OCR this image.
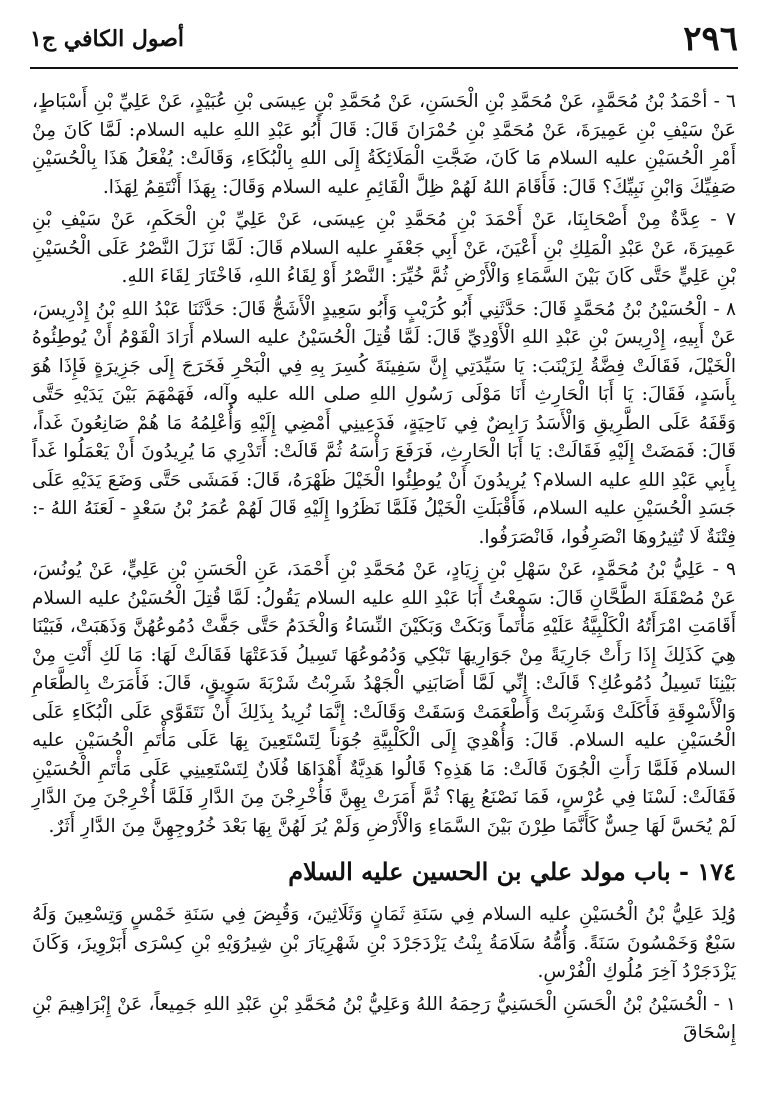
٢٩٦
أصول الكافي ج١

٦ - أحْمَدُ بْنُ مُحَمَّدٍ، عَنْ مُحَمَّدِ بْنِ الْحَسَنِ، عَنْ مُحَمَّدِ بْنِ عِيسَى بْنِ عُبَيْدٍ، عَنْ عَلِيِّ بْنِ أَسْبَاطٍ، عَنْ سَيْفِ بْنِ عَمِيرَةَ، عَنْ مُحَمَّدِ بْنِ حُمْرَانَ قَالَ: قَالَ أَبُو عَبْدِ اللهِ عليه السلام: لَمَّا كَانَ مِنْ أَمْرِ الْحُسَيْنِ عليه السلام مَا كَانَ، ضَجَّتِ الْمَلَائِكَةُ إِلَى اللهِ بِالْبُكَاءِ، وَقَالَتْ: يُفْعَلُ هَذَا بِالْحُسَيْنِ صَفِيِّكَ وَابْنِ نَبِيِّكَ؟ قَالَ: فَأَقَامَ اللهُ لَهُمْ ظِلَّ الْقَائِمِ عليه السلام وَقَالَ: بِهَذَا أَنْتَقِمُ لِهَذَا.

٧ - عِدَّةٌ مِنْ أَصْحَابِنَا، عَنْ أَحْمَدَ بْنِ مُحَمَّدِ بْنِ عِيسَى، عَنْ عَلِيِّ بْنِ الْحَكَمِ، عَنْ سَيْفِ بْنِ عَمِيرَةَ، عَنْ عَبْدِ الْمَلِكِ بْنِ أَعْيَنَ، عَنْ أَبِي جَعْفَرٍ عليه السلام قَالَ: لَمَّا نَزَلَ النَّصْرُ عَلَى الْحُسَيْنِ بْنِ عَلِيٍّ حَتَّى كَانَ بَيْنَ السَّمَاءِ وَالْأَرْضِ ثُمَّ خُيِّرَ: النَّصْرُ أَوْ لِقَاءُ اللهِ، فَاخْتَارَ لِقَاءَ اللهِ.

٨ - الْحُسَيْنُ بْنُ مُحَمَّدٍ قَالَ: حَدَّثَنِي أَبُو كُرَيْبٍ وَأَبُو سَعِيدٍ الْأَشَجُّ قَالَ: حَدَّثَنَا عَبْدُ اللهِ بْنُ إِدْرِيسَ، عَنْ أَبِيهِ، إِدْرِيسَ بْنِ عَبْدِ اللهِ الْأَوْدِيِّ قَالَ: لَمَّا قُتِلَ الْحُسَيْنُ عليه السلام أَرَادَ الْقَوْمُ أَنْ يُوطِئُوهُ الْخَيْلَ، فَقَالَتْ فِضَّةُ لِزَيْنَبَ: يَا سَيِّدَتِي إِنَّ سَفِينَةَ كُسِرَ بِهِ فِي الْبَحْرِ فَخَرَجَ إِلَى جَزِيرَةٍ فَإِذَا هُوَ بِأَسَدٍ، فَقَالَ: يَا أَبَا الْحَارِثِ أَنَا مَوْلَى رَسُولِ اللهِ صلى الله عليه وآله، فَهَمْهَمَ بَيْنَ يَدَيْهِ حَتَّى وَقَفَهُ عَلَى الطَّرِيقِ وَالْأَسَدُ رَابِضٌ فِي نَاحِيَةٍ، فَدَعِينِي أَمْضِي إِلَيْهِ وَأُعْلِمُهُ مَا هُمْ صَانِعُونَ غَداً، قَالَ: فَمَضَتْ إِلَيْهِ فَقَالَتْ: يَا أَبَا الْحَارِثِ، فَرَفَعَ رَأْسَهُ ثُمَّ قَالَتْ: أَتَدْرِي مَا يُرِيدُونَ أَنْ يَعْمَلُوا غَداً بِأَبِي عَبْدِ اللهِ عليه السلام؟ يُرِيدُونَ أَنْ يُوطِئُوا الْخَيْلَ ظَهْرَهُ، قَالَ: فَمَشَى حَتَّى وَضَعَ يَدَيْهِ عَلَى جَسَدِ الْحُسَيْنِ عليه السلام، فَأَقْبَلَتِ الْخَيْلُ فَلَمَّا نَظَرُوا إِلَيْهِ قَالَ لَهُمْ عُمَرُ بْنُ سَعْدٍ - لَعَنَهُ اللهُ -: فِتْنَةٌ لَا تُثِيرُوهَا انْصَرِفُوا، فَانْصَرَفُوا.

٩ - عَلِيُّ بْنُ مُحَمَّدٍ، عَنْ سَهْلِ بْنِ زِيَادٍ، عَنْ مُحَمَّدِ بْنِ أَحْمَدَ، عَنِ الْحَسَنِ بْنِ عَلِيٍّ، عَنْ يُونُسَ، عَنْ مُصْقَلَةَ الطَّحَّانِ قَالَ: سَمِعْتُ أَبَا عَبْدِ اللهِ عليه السلام يَقُولُ: لَمَّا قُتِلَ الْحُسَيْنُ عليه السلام أَقَامَتِ امْرَأَتُهُ الْكَلْبِيَّةُ عَلَيْهِ مَأْتَماً وَبَكَتْ وَبَكَيْنَ النِّسَاءُ وَالْخَدَمُ حَتَّى جَفَّتْ دُمُوعُهُنَّ وَذَهَبَتْ، فَبَيْنَا هِيَ كَذَلِكَ إِذَا رَأَتْ جَارِيَةً مِنْ جَوَارِيهَا تَبْكِي وَدُمُوعُهَا تَسِيلُ فَدَعَتْهَا فَقَالَتْ لَهَا: مَا لَكِ أَنْتِ مِنْ بَيْنِنَا تَسِيلُ دُمُوعُكِ؟ قَالَتْ: إِنِّي لَمَّا أَصَابَنِي الْجَهْدُ شَرِبْتُ شَرْبَةَ سَوِيقٍ، قَالَ: فَأَمَرَتْ بِالطَّعَامِ وَالْأَسْوِقَةِ فَأَكَلَتْ وَشَرِبَتْ وَأَطْعَمَتْ وَسَقَتْ وَقَالَتْ: إِنَّمَا نُرِيدُ بِذَلِكَ أَنْ نَتَقَوَّى عَلَى الْبُكَاءِ عَلَى الْحُسَيْنِ عليه السلام. قَالَ: وَأُهْدِيَ إِلَى الْكَلْبِيَّةِ جُوَناً لِتَسْتَعِينَ بِهَا عَلَى مَأْتَمِ الْحُسَيْنِ عليه السلام فَلَمَّا رَأَتِ الْجُوَنَ قَالَتْ: مَا هَذِهِ؟ قَالُوا هَدِيَّةٌ أَهْدَاهَا فُلَانٌ لِتَسْتَعِينِي عَلَى مَأْتَمِ الْحُسَيْنِ فَقَالَتْ: لَسْنَا فِي عُرْسٍ، فَمَا نَصْنَعُ بِهَا؟ ثُمَّ أَمَرَتْ بِهِنَّ فَأُخْرِجْنَ مِنَ الدَّارِ فَلَمَّا أُخْرِجْنَ مِنَ الدَّارِ لَمْ يُحَسَّ لَهَا حِسٌّ كَأَنَّمَا طِرْنَ بَيْنَ السَّمَاءِ وَالْأَرْضِ وَلَمْ يُرَ لَهُنَّ بِهَا بَعْدَ خُرُوجِهِنَّ مِنَ الدَّارِ أَثَرٌ.

١٧٤ - باب مولد علي بن الحسين عليه السلام

وُلِدَ عَلِيُّ بْنُ الْحُسَيْنِ عليه السلام فِي سَنَةِ ثَمَانٍ وَثَلَاثِينَ، وَقُبِضَ فِي سَنَةِ خَمْسٍ وَتِسْعِينَ وَلَهُ سَبْعٌ وَخَمْسُونَ سَنَةً. وَأُمُّهُ سَلَامَةُ بِنْتُ يَزْدَجَرْدَ بْنِ شَهْرِيَارَ بْنِ شِيرُوَيْهِ بْنِ كِسْرَى أَبَرْوِيزَ، وَكَانَ يَزْدَجَرْدُ آخِرَ مُلُوكِ الْفُرْسِ.

١ - الْحُسَيْنُ بْنُ الْحَسَنِ الْحَسَنِيُّ رَحِمَهُ اللهُ وَعَلِيُّ بْنُ مُحَمَّدِ بْنِ عَبْدِ اللهِ جَمِيعاً، عَنْ إِبْرَاهِيمَ بْنِ إِسْحَاقَ
